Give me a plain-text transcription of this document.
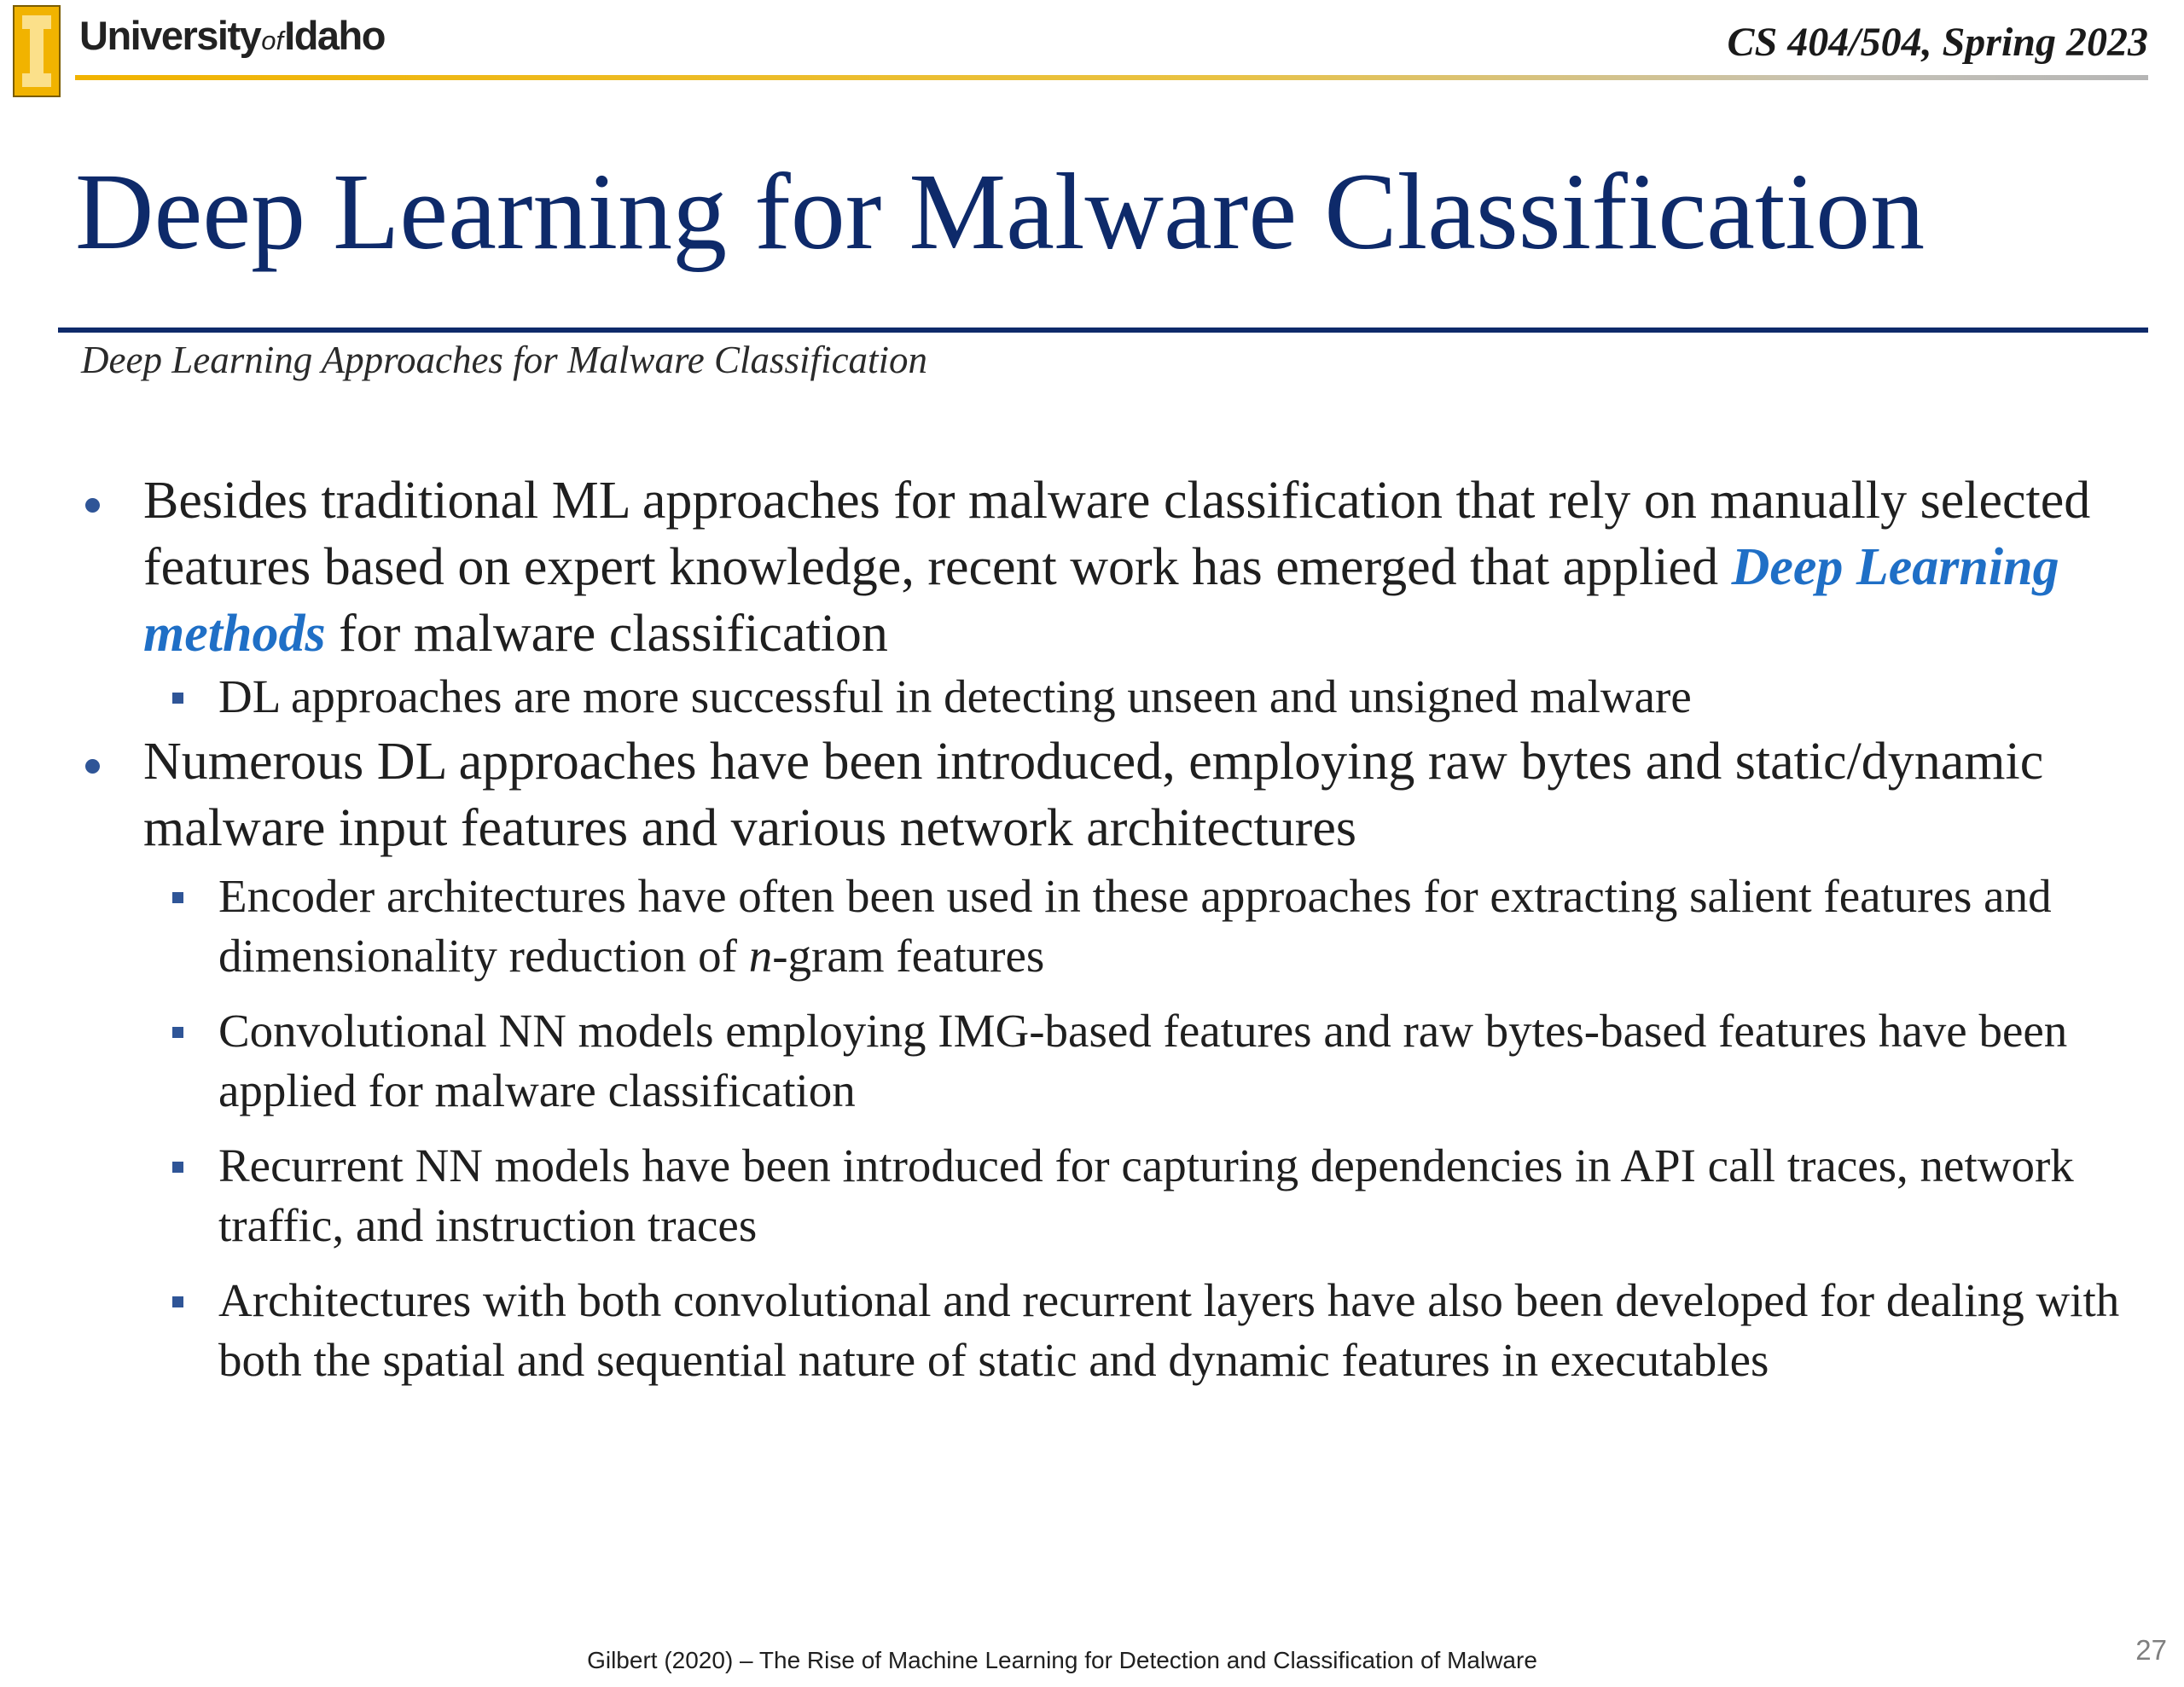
UniversityofIdaho	CS 404/504, Spring 2023

Deep Learning for Malware Classification

Deep Learning Approaches for Malware Classification

Besides traditional ML approaches for malware classification that rely on manually selected features based on expert knowledge, recent work has emerged that applied Deep Learning methods for malware classification
DL approaches are more successful in detecting unseen and unsigned malware
Numerous DL approaches have been introduced, employing raw bytes and static/dynamic malware input features and various network architectures
Encoder architectures have often been used in these approaches for extracting salient features and dimensionality reduction of n-gram features
Convolutional NN models employing IMG-based features and raw bytes-based features have been applied for malware classification
Recurrent NN models have been introduced for capturing dependencies in API call traces, network traffic, and instruction traces
Architectures with both convolutional and recurrent layers have also been developed for dealing with both the spatial and sequential nature of static and dynamic features in executables

Gilbert (2020) – The Rise of Machine Learning for Detection and Classification of Malware	27
